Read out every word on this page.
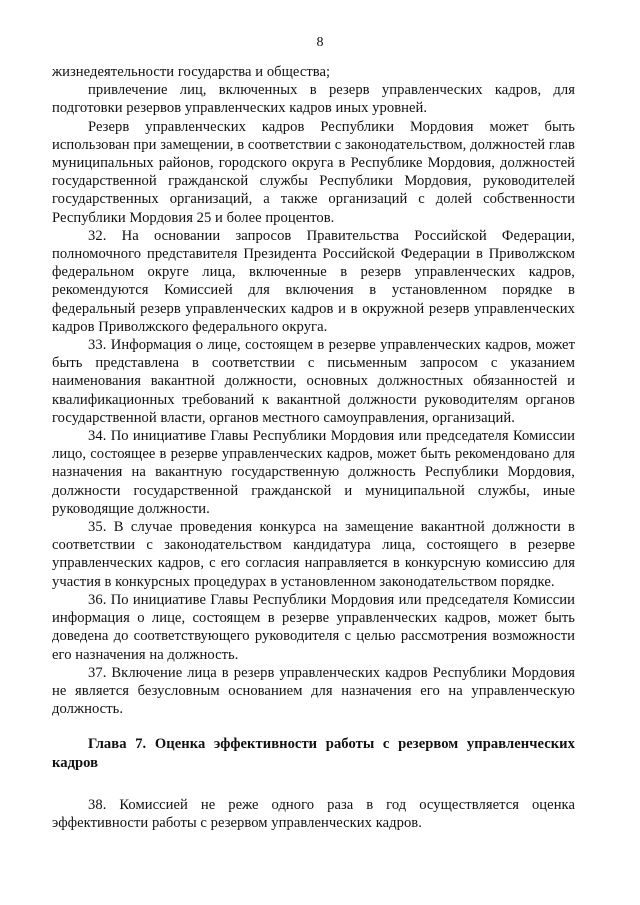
8

жизнедеятельности государства и общества;

привлечение лиц, включенных в резерв управленческих кадров, для подготовки резервов управленческих кадров иных уровней.

Резерв управленческих кадров Республики Мордовия может быть использован при замещении, в соответствии с законодательством, должностей глав муниципальных районов, городского округа в Республике Мордовия, должностей государственной гражданской службы Республики Мордовия, руководителей государственных организаций, а также организаций с долей собственности Республики Мордовия 25 и более процентов.

32. На основании запросов Правительства Российской Федерации, полномочного представителя Президента Российской Федерации в Приволжском федеральном округе лица, включенные в резерв управленческих кадров, рекомендуются Комиссией для включения в установленном порядке в федеральный резерв управленческих кадров и в окружной резерв управленческих кадров Приволжского федерального округа.

33. Информация о лице, состоящем в резерве управленческих кадров, может быть представлена в соответствии с письменным запросом с указанием наименования вакантной должности, основных должностных обязанностей и квалификационных требований к вакантной должности руководителям органов государственной власти, органов местного самоуправления, организаций.

34. По инициативе Главы Республики Мордовия или председателя Комиссии лицо, состоящее в резерве управленческих кадров, может быть рекомендовано для назначения на вакантную государственную должность Республики Мордовия, должности государственной гражданской и муниципальной службы, иные руководящие должности.

35. В случае проведения конкурса на замещение вакантной должности в соответствии с законодательством кандидатура лица, состоящего в резерве управленческих кадров, с его согласия направляется в конкурсную комиссию для участия в конкурсных процедурах в установленном законодательством порядке.

36. По инициативе Главы Республики Мордовия или председателя Комиссии информация о лице, состоящем в резерве управленческих кадров, может быть доведена до соответствующего руководителя с целью рассмотрения возможности его назначения на должность.

37. Включение лица в резерв управленческих кадров Республики Мордовия не является безусловным основанием для назначения его на управленческую должность.

Глава 7. Оценка эффективности работы с резервом управленческих кадров

38. Комиссией не реже одного раза в год осуществляется оценка эффективности работы с резервом управленческих кадров.
